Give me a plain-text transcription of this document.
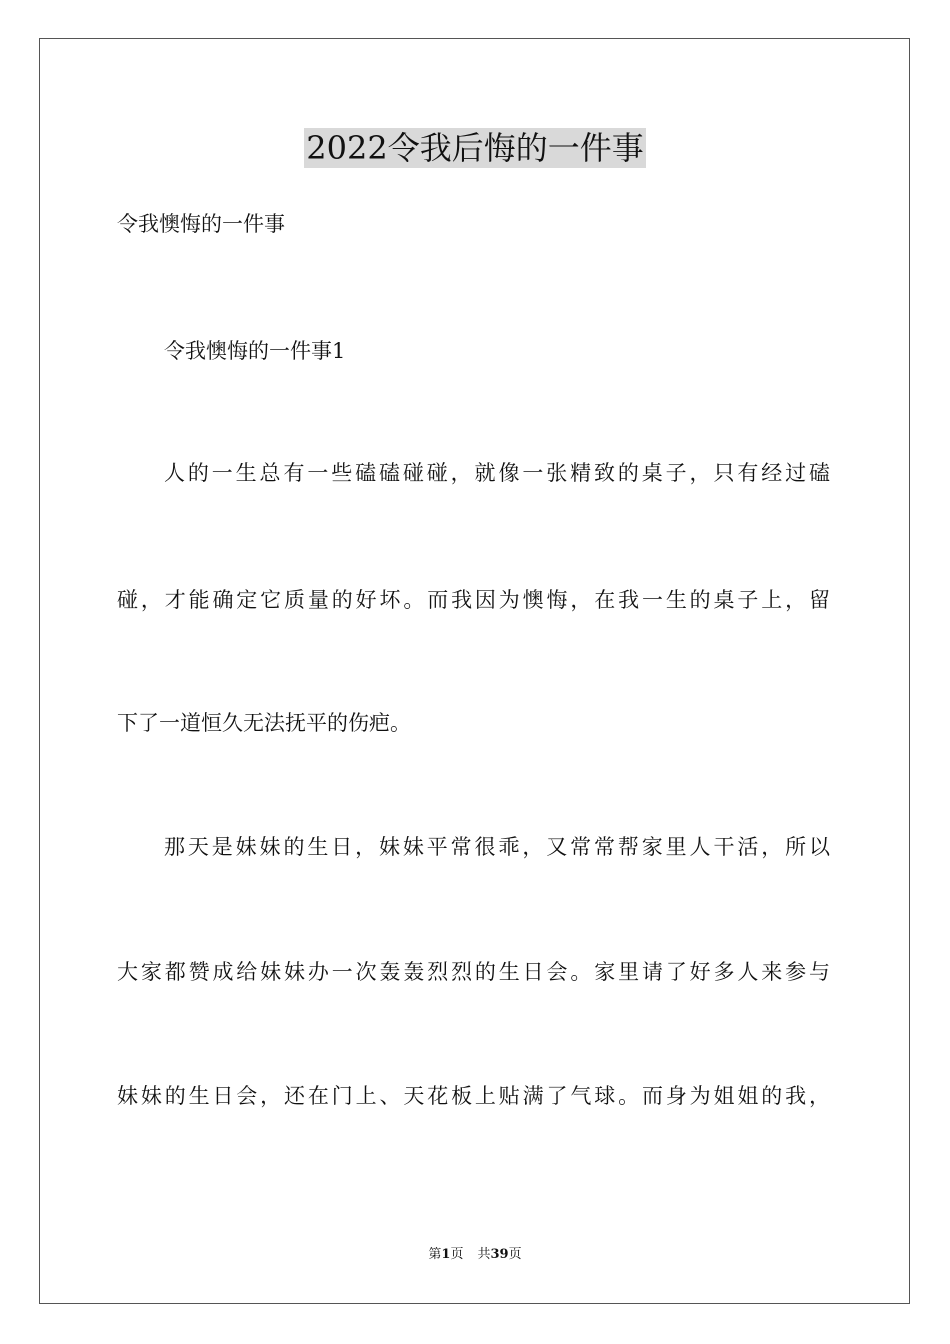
2022令我后悔的一件事
令我懊悔的一件事
令我懊悔的一件事1
人的一生总有一些磕磕碰碰，就像一张精致的桌子，只有经过磕
碰，才能确定它质量的好坏。而我因为懊悔，在我一生的桌子上，留
下了一道恒久无法抚平的伤疤。
那天是妹妹的生日，妹妹平常很乖，又常常帮家里人干活，所以
大家都赞成给妹妹办一次轰轰烈烈的生日会。家里请了好多人来参与
妹妹的生日会，还在门上、天花板上贴满了气球。而身为姐姐的我，
第1页 共39页
